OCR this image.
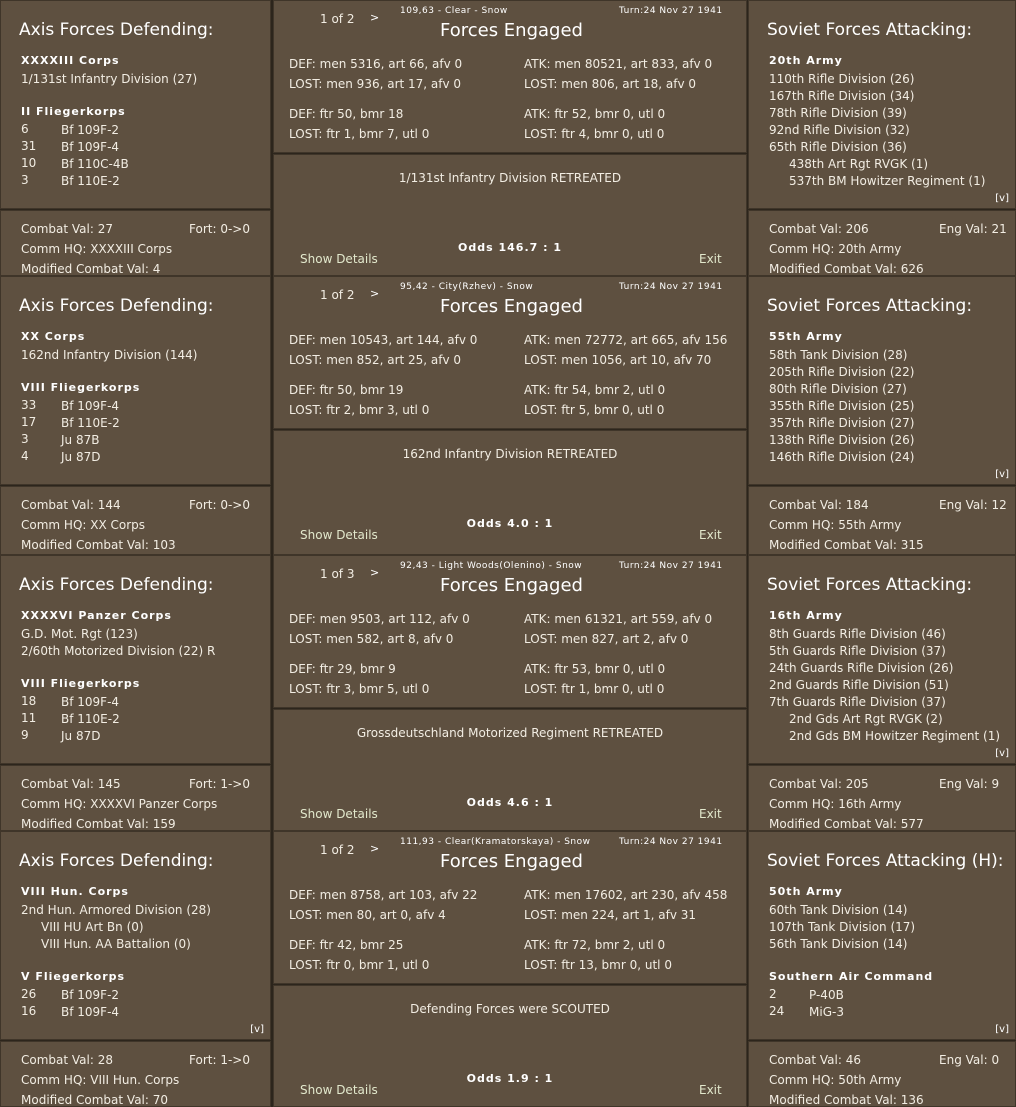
Axis Forces Defending:
XXXXIII Corps
1/131st Infantry Division (27)
II Fliegerkorps
6	Bf 109F-2
31 Bf 109F-4
10 Bf 110C-4B
3	Bf 110E-2
Combat Val: 27	Fort: 0->0
Comm HQ: XXXXIII Corps
Modified Combat Val: 4
1 of 2 > 109,63 - Clear - Snow	Turn:24 Nov 27 1941
Forces Engaged
DEF: men 5316, art 66, afv 0
LOST: men 936, art 17, afv 0
ATK: men 80521, art 833, afv 0
LOST: men 806, art 18, afv 0
DEF: ftr 50, bmr 18
LOST: ftr 1, bmr 7, utl 0
ATK: ftr 52, bmr 0, utl 0
LOST: ftr 4, bmr 0, utl 0
1/131st Infantry Division RETREATED
Odds 146.7 : 1
Show Details	Exit
Soviet Forces Attacking:
20th Army
110th Rifle Division (26)
167th Rifle Division (34)
78th Rifle Division (39)
92nd Rifle Division (32)
65th Rifle Division (36)
438th Art Rgt RVGK (1)
537th BM Howitzer Regiment (1)
[v]
Combat Val: 206	Eng Val: 21
Comm HQ: 20th Army
Modified Combat Val: 626
Axis Forces Defending:
XX Corps
162nd Infantry Division (144)
VIII Fliegerkorps
33 Bf 109F-4
17 Bf 110E-2
3	Ju 87B
4	Ju 87D
Combat Val: 144	Fort: 0->0
Comm HQ: XX Corps
Modified Combat Val: 103
1 of 2 > 95,42 - City(Rzhev) - Snow	Turn:24 Nov 27 1941
Forces Engaged
DEF: men 10543, art 144, afv 0
LOST: men 852, art 25, afv 0
ATK: men 72772, art 665, afv 156
LOST: men 1056, art 10, afv 70
DEF: ftr 50, bmr 19
LOST: ftr 2, bmr 3, utl 0
ATK: ftr 54, bmr 2, utl 0
LOST: ftr 5, bmr 0, utl 0
162nd Infantry Division RETREATED
Odds 4.0 : 1
Show Details	Exit
Soviet Forces Attacking:
55th Army
58th Tank Division (28)
205th Rifle Division (22)
80th Rifle Division (27)
355th Rifle Division (25)
357th Rifle Division (27)
138th Rifle Division (26)
146th Rifle Division (24)
[v]
Combat Val: 184	Eng Val: 12
Comm HQ: 55th Army
Modified Combat Val: 315
Axis Forces Defending:
XXXXVI Panzer Corps
G.D. Mot. Rgt (123)
2/60th Motorized Division (22) R
VIII Fliegerkorps
18 Bf 109F-4
11 Bf 110E-2
9	Ju 87D
Combat Val: 145	Fort: 1->0
Comm HQ: XXXXVI Panzer Corps
Modified Combat Val: 159
1 of 3 > 92,43 - Light Woods(Olenino) - Snow	Turn:24 Nov 27 1941
Forces Engaged
DEF: men 9503, art 112, afv 0
LOST: men 582, art 8, afv 0
ATK: men 61321, art 559, afv 0
LOST: men 827, art 2, afv 0
DEF: ftr 29, bmr 9
LOST: ftr 3, bmr 5, utl 0
ATK: ftr 53, bmr 0, utl 0
LOST: ftr 1, bmr 0, utl 0
Grossdeutschland Motorized Regiment RETREATED
Odds 4.6 : 1
Show Details	Exit
Soviet Forces Attacking:
16th Army
8th Guards Rifle Division (46)
5th Guards Rifle Division (37)
24th Guards Rifle Division (26)
2nd Guards Rifle Division (51)
7th Guards Rifle Division (37)
2nd Gds Art Rgt RVGK (2)
2nd Gds BM Howitzer Regiment (1)
[v]
Combat Val: 205	Eng Val: 9
Comm HQ: 16th Army
Modified Combat Val: 577
Axis Forces Defending:
VIII Hun. Corps
2nd Hun. Armored Division (28)
VIII HU Art Bn (0)
VIII Hun. AA Battalion (0)
V Fliegerkorps
26 Bf 109F-2
16 Bf 109F-4
[v]
Combat Val: 28	Fort: 1->0
Comm HQ: VIII Hun. Corps
Modified Combat Val: 70
1 of 2 > 111,93 - Clear(Kramatorskaya) - Snow	Turn:24 Nov 27 1941
Forces Engaged
DEF: men 8758, art 103, afv 22
LOST: men 80, art 0, afv 4
ATK: men 17602, art 230, afv 458
LOST: men 224, art 1, afv 31
DEF: ftr 42, bmr 25
LOST: ftr 0, bmr 1, utl 0
ATK: ftr 72, bmr 2, utl 0
LOST: ftr 13, bmr 0, utl 0
Defending Forces were SCOUTED
Odds 1.9 : 1
Show Details	Exit
Soviet Forces Attacking (H):
50th Army
60th Tank Division (14)
107th Tank Division (17)
56th Tank Division (14)
Southern Air Command
2	P-40B
24 MiG-3
[v]
Combat Val: 46	Eng Val: 0
Comm HQ: 50th Army
Modified Combat Val: 136
